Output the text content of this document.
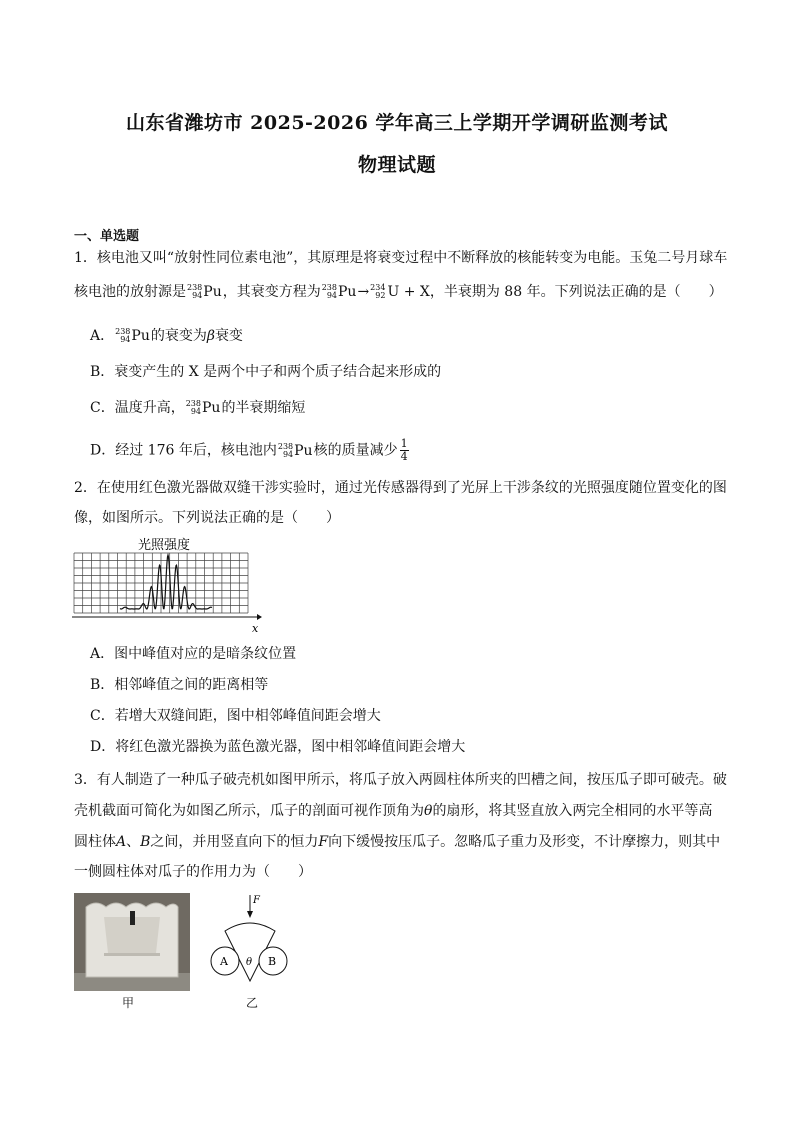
山东省潍坊市 2025-2026 学年高三上学期开学调研监测考试
物理试题
一、单选题
1．核电池又叫“放射性同位素电池”，其原理是将衰变过程中不断释放的核能转变为电能。玉兔二号月球车
核电池的放射源是 238
94 Pu，其衰变方程为 238
94 Pu→ 234
92 U + X，半衰期为 88 年。下列说法正确的是（　　）
A． 238
94 Pu的衰变为β衰变
B．衰变产生的 X 是两个中子和两个质子结合起来形成的
C．温度升高， 238
94 Pu的半衰期缩短
D．经过 176 年后，核电池内 238
94 Pu核的质量减少 $\frac{1}{4}$
2．在使用红色激光器做双缝干涉实验时，通过光传感器得到了光屏上干涉条纹的光照强度随位置变化的图
像，如图所示。下列说法正确的是（　　）
光照强度
x
A．图中峰值对应的是暗条纹位置
B．相邻峰值之间的距离相等
C．若增大双缝间距，图中相邻峰值间距会增大
D．将红色激光器换为蓝色激光器，图中相邻峰值间距会增大
3．有人制造了一种瓜子破壳机如图甲所示，将瓜子放入两圆柱体所夹的凹槽之间，按压瓜子即可破壳。破
壳机截面可简化为如图乙所示，瓜子的剖面可视作顶角为θ的扇形，将其竖直放入两完全相同的水平等高
圆柱体A、B之间，并用竖直向下的恒力F向下缓慢按压瓜子。忽略瓜子重力及形变，不计摩擦力，则其中
一侧圆柱体对瓜子的作用力为（　　）
甲
F
A	B
θ
乙
